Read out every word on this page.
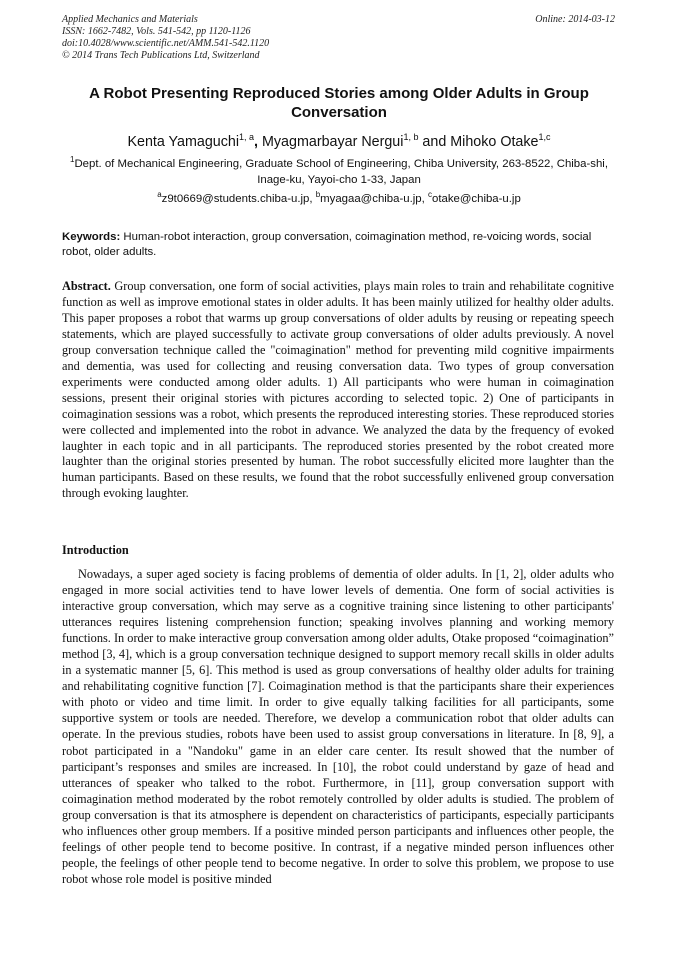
Applied Mechanics and Materials
ISSN: 1662-7482, Vols. 541-542, pp 1120-1126
doi:10.4028/www.scientific.net/AMM.541-542.1120
© 2014 Trans Tech Publications Ltd, Switzerland
Online: 2014-03-12
A Robot Presenting Reproduced Stories among Older Adults in Group Conversation
Kenta Yamaguchi$^{1, a}$, Myagmarbayar Nergui$^{1, b}$ and Mihoko Otake$^{1,c}$
$^1$Dept. of Mechanical Engineering, Graduate School of Engineering, Chiba University, 263-8522, Chiba-shi, Inage-ku, Yayoi-cho 1-33, Japan
$^a$z9t0669@students.chiba-u.jp, $^b$myagaa@chiba-u.jp, $^c$otake@chiba-u.jp
Keywords: Human-robot interaction, group conversation, coimagination method, re-voicing words, social robot, older adults.
Abstract. Group conversation, one form of social activities, plays main roles to train and rehabilitate cognitive function as well as improve emotional states in older adults. It has been mainly utilized for healthy older adults. This paper proposes a robot that warms up group conversations of older adults by reusing or repeating speech statements, which are played successfully to activate group conversations of older adults previously. A novel group conversation technique called the "coimagination" method for preventing mild cognitive impairments and dementia, was used for collecting and reusing conversation data. Two types of group conversation experiments were conducted among older adults. 1) All participants who were human in coimagination sessions, present their original stories with pictures according to selected topic. 2) One of participants in coimagination sessions was a robot, which presents the reproduced interesting stories. These reproduced stories were collected and implemented into the robot in advance. We analyzed the data by the frequency of evoked laughter in each topic and in all participants. The reproduced stories presented by the robot created more laughter than the original stories presented by human. The robot successfully elicited more laughter than the human participants. Based on these results, we found that the robot successfully enlivened group conversation through evoking laughter.
Introduction

Nowadays, a super aged society is facing problems of dementia of older adults. In [1, 2], older adults who engaged in more social activities tend to have lower levels of dementia. One form of social activities is interactive group conversation, which may serve as a cognitive training since listening to other participants' utterances requires listening comprehension function; speaking involves planning and working memory functions. In order to make interactive group conversation among older adults, Otake proposed “coimagination” method [3, 4], which is a group conversation technique designed to support memory recall skills in older adults in a systematic manner [5, 6]. This method is used as group conversations of healthy older adults for training and rehabilitating cognitive function [7]. Coimagination method is that the participants share their experiences with photo or video and time limit. In order to give equally talking facilities for all participants, some supportive system or tools are needed. Therefore, we develop a communication robot that older adults can operate. In the previous studies, robots have been used to assist group conversations in literature. In [8, 9], a robot participated in a "Nandoku" game in an elder care center. Its result showed that the number of participant’s responses and smiles are increased. In [10], the robot could understand by gaze of head and utterances of speaker who talked to the robot. Furthermore, in [11], group conversation support with coimagination method moderated by the robot remotely controlled by older adults is studied. The problem of group conversation is that its atmosphere is dependent on characteristics of participants, especially participants who influences other group members. If a positive minded person participants and influences other people, the feelings of other people tend to become positive. In contrast, if a negative minded person influences other people, the feelings of other people tend to become negative. In order to solve this problem, we propose to use robot whose role model is positive minded
